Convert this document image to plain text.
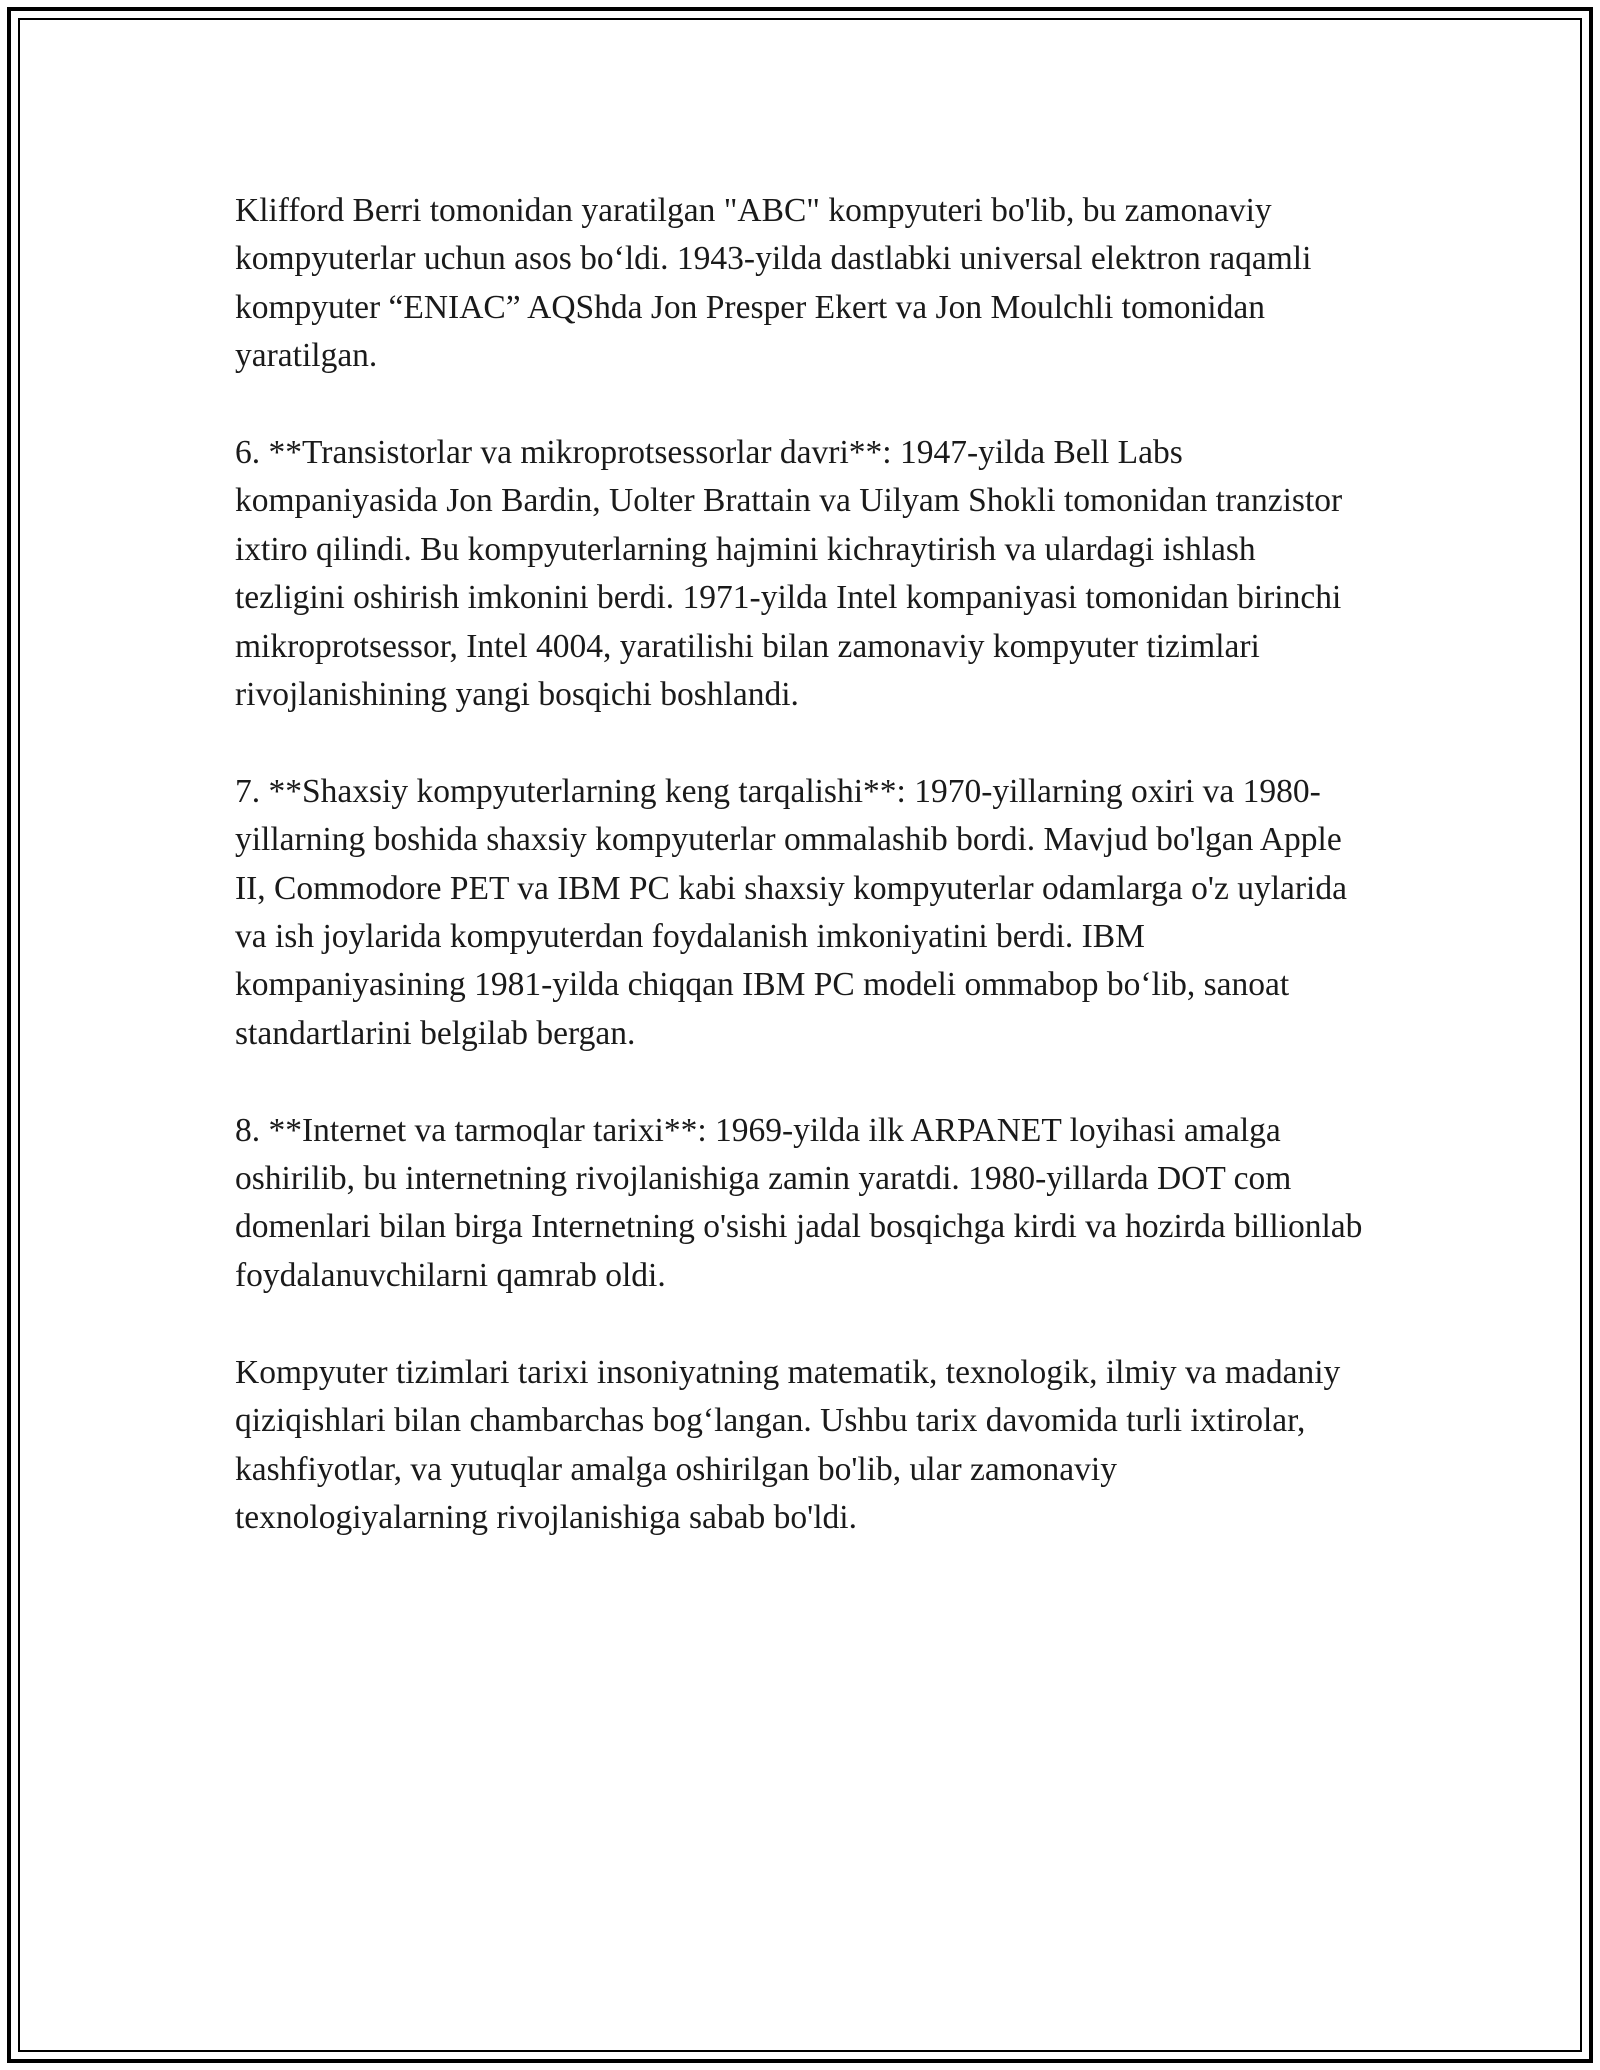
Klifford Berri tomonidan yaratilgan "ABC" kompyuteri bo'lib, bu zamonaviy kompyuterlar uchun asos bo‘ldi. 1943-yilda dastlabki universal elektron raqamli kompyuter “ENIAC” AQShda Jon Presper Ekert va Jon Moulchli tomonidan yaratilgan.

6. **Transistorlar va mikroprotsessorlar davri**: 1947-yilda Bell Labs kompaniyasida Jon Bardin, Uolter Brattain va Uilyam Shokli tomonidan tranzistor ixtiro qilindi. Bu kompyuterlarning hajmini kichraytirish va ulardagi ishlash tezligini oshirish imkonini berdi. 1971-yilda Intel kompaniyasi tomonidan birinchi mikroprotsessor, Intel 4004, yaratilishi bilan zamonaviy kompyuter tizimlari rivojlanishining yangi bosqichi boshlandi.

7. **Shaxsiy kompyuterlarning keng tarqalishi**: 1970-yillarning oxiri va 1980-yillarning boshida shaxsiy kompyuterlar ommalashib bordi. Mavjud bo'lgan Apple II, Commodore PET va IBM PC kabi shaxsiy kompyuterlar odamlarga o'z uylarida va ish joylarida kompyuterdan foydalanish imkoniyatini berdi. IBM kompaniyasining 1981-yilda chiqqan IBM PC modeli ommabop bo‘lib, sanoat standartlarini belgilab bergan.

8. **Internet va tarmoqlar tarixi**: 1969-yilda ilk ARPANET loyihasi amalga oshirilib, bu internetning rivojlanishiga zamin yaratdi. 1980-yillarda DOT com domenlari bilan birga Internetning o'sishi jadal bosqichga kirdi va hozirda billionlab foydalanuvchilarni qamrab oldi.

Kompyuter tizimlari tarixi insoniyatning matematik, texnologik, ilmiy va madaniy qiziqishlari bilan chambarchas bog‘langan. Ushbu tarix davomida turli ixtirolar, kashfiyotlar, va yutuqlar amalga oshirilgan bo'lib, ular zamonaviy texnologiyalarning rivojlanishiga sabab bo'ldi.
